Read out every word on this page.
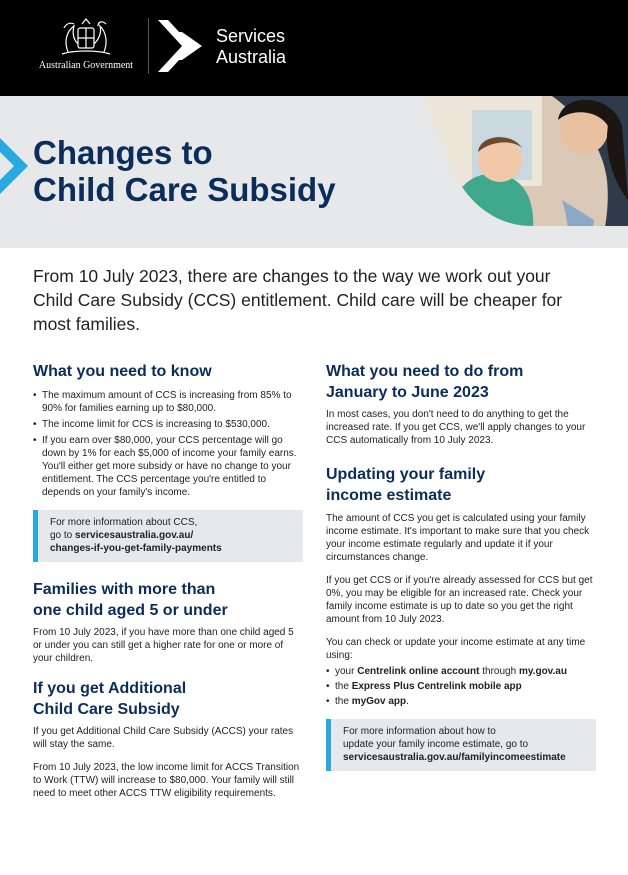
Australian Government
Services
Australia
Changes to
Child Care Subsidy

From 10 July 2023, there are changes to the way we work out your Child Care Subsidy (CCS) entitlement. Child care will be cheaper for most families.

What you need to know
• The maximum amount of CCS is increasing from 85% to 90% for families earning up to $80,000.
• The income limit for CCS is increasing to $530,000.
• If you earn over $80,000, your CCS percentage will go down by 1% for each $5,000 of income your family earns. You'll either get more subsidy or have no change to your entitlement. The CCS percentage you're entitled to depends on your family's income.
For more information about CCS,
go to servicesaustralia.gov.au/
changes-if-you-get-family-payments
Families with more than
one child aged 5 or under

From 10 July 2023, if you have more than one child aged 5 or under you can still get a higher rate for one or more of your children.

If you get Additional
Child Care Subsidy

If you get Additional Child Care Subsidy (ACCS) your rates will stay the same.

From 10 July 2023, the low income limit for ACCS Transition to Work (TTW) will increase to $80,000. Your family will still need to meet other ACCS TTW eligibility requirements.

What you need to do from
January to June 2023

In most cases, you don't need to do anything to get the increased rate. If you get CCS, we'll apply changes to your CCS automatically from 10 July 2023.

Updating your family
income estimate

The amount of CCS you get is calculated using your family income estimate. It's important to make sure that you check your income estimate regularly and update it if your circumstances change.

If you get CCS or if you're already assessed for CCS but get 0%, you may be eligible for an increased rate. Check your family income estimate is up to date so you get the right amount from 10 July 2023.

You can check or update your income estimate at any time using:

• your Centrelink online account through my.gov.au
• the Express Plus Centrelink mobile app
• the myGov app.
For more information about how to
update your family income estimate, go to
servicesaustralia.gov.au/familyincomeestimate
